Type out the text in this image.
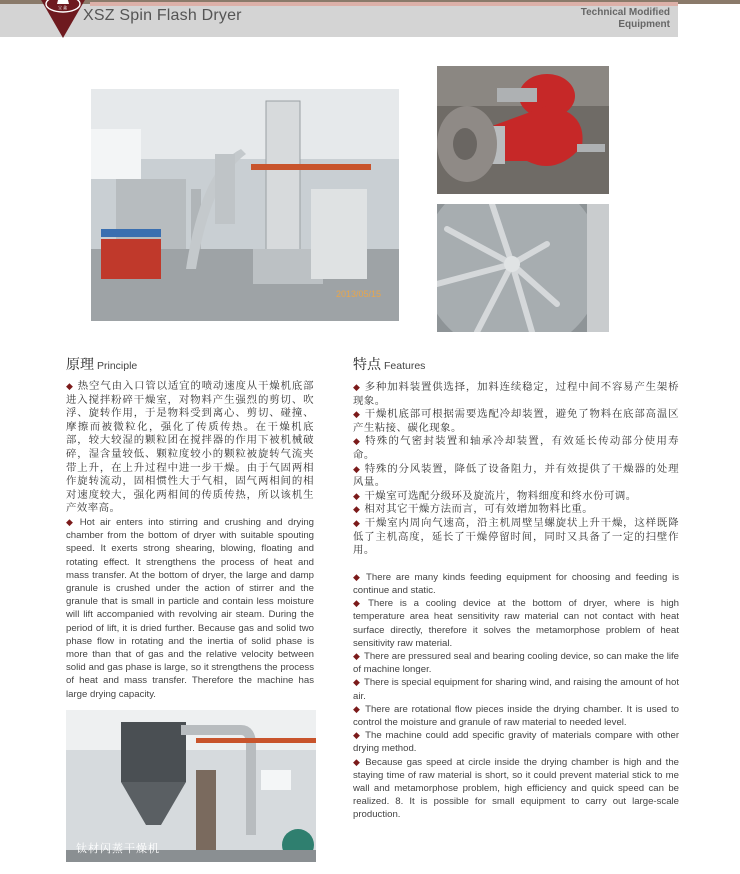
宝 鑫 XSZ Spin Flash Dryer	Technical Modified
Equipment
2013/05/15
原理 Principle

◆ 热空气由入口管以适宜的喷动速度从干燥机底部进入搅拌粉碎干燥室，对物料产生强烈的剪切、吹浮、旋转作用，于是物料受到离心、剪切、碰撞、摩擦而被微粒化，强化了传质传热。在干燥机底部，较大较湿的颗粒团在搅拌器的作用下被机械破碎，湿含量较低、颗粒度较小的颗粒被旋转气流夹带上升，在上升过程中进一步干燥。由于气固两相作旋转流动，固相惯性大于气相，固气两相间的相对速度较大，强化两相间的传质传热，所以该机生产效率高。

◆ Hot air enters into stirring and crushing and drying chamber from the bottom of dryer with suitable spouting speed. It exerts strong shearing, blowing, floating and rotating effect. It strengthens the process of heat and mass transfer. At the bottom of dryer, the large and damp granule is crushed under the action of stirrer and the granule that is small in particle and contain less moisture will lift accompanied with revolving air steam. During the period of lift, it is dried further. Because gas and solid two phase flow in rotating and the inertia of solid phase is more than that of gas and the relative velocity between solid and gas phase is large, so it strengthens the process of heat and mass transfer. Therefore the machine has large drying capacity.

钛材闪蒸干燥机
特点 Features

◆ 多种加料装置供选择，加料连续稳定，过程中间不容易产生架桥现象。

◆ 干燥机底部可根据需要选配冷却装置，避免了物料在底部高温区产生粘接、碳化现象。

◆ 特殊的气密封装置和轴承冷却装置，有效延长传动部分使用寿命。

◆ 特殊的分风装置，降低了设备阻力，并有效提供了干燥器的处理风量。

◆ 干燥室可选配分级环及旋流片，物料细度和终水份可调。

◆ 相对其它干燥方法而言，可有效增加物料比重。

◆ 干燥室内周向气速高，沿主机周壁呈螺旋状上升干燥，这样既降低了主机高度，延长了干燥停留时间，同时又具备了一定的扫壁作用。

◆ There are many kinds feeding equipment for choosing and feeding is continue and static.

◆ There is a cooling device at the bottom of dryer, where is high temperature area heat sensitivity raw material can not contact with heat surface directly, therefore it solves the metamorphose problem of heat sensitivity raw material.

◆ There are pressured seal and bearing cooling device, so can make the life of machine longer.

◆ There is special equipment for sharing wind, and raising the amount of hot air.

◆ There are rotational flow pieces inside the drying chamber. It is used to control the moisture and granule of raw material to needed level.

◆ The machine could add specific gravity of materials compare with other drying method.

◆ Because gas speed at circle inside the drying chamber is high and the staying time of raw material is short, so it could prevent material stick to me wall and metamorphose problem, high efficiency and quick speed can be realized. 8. It is possible for small equipment to carry out large-scale production.
